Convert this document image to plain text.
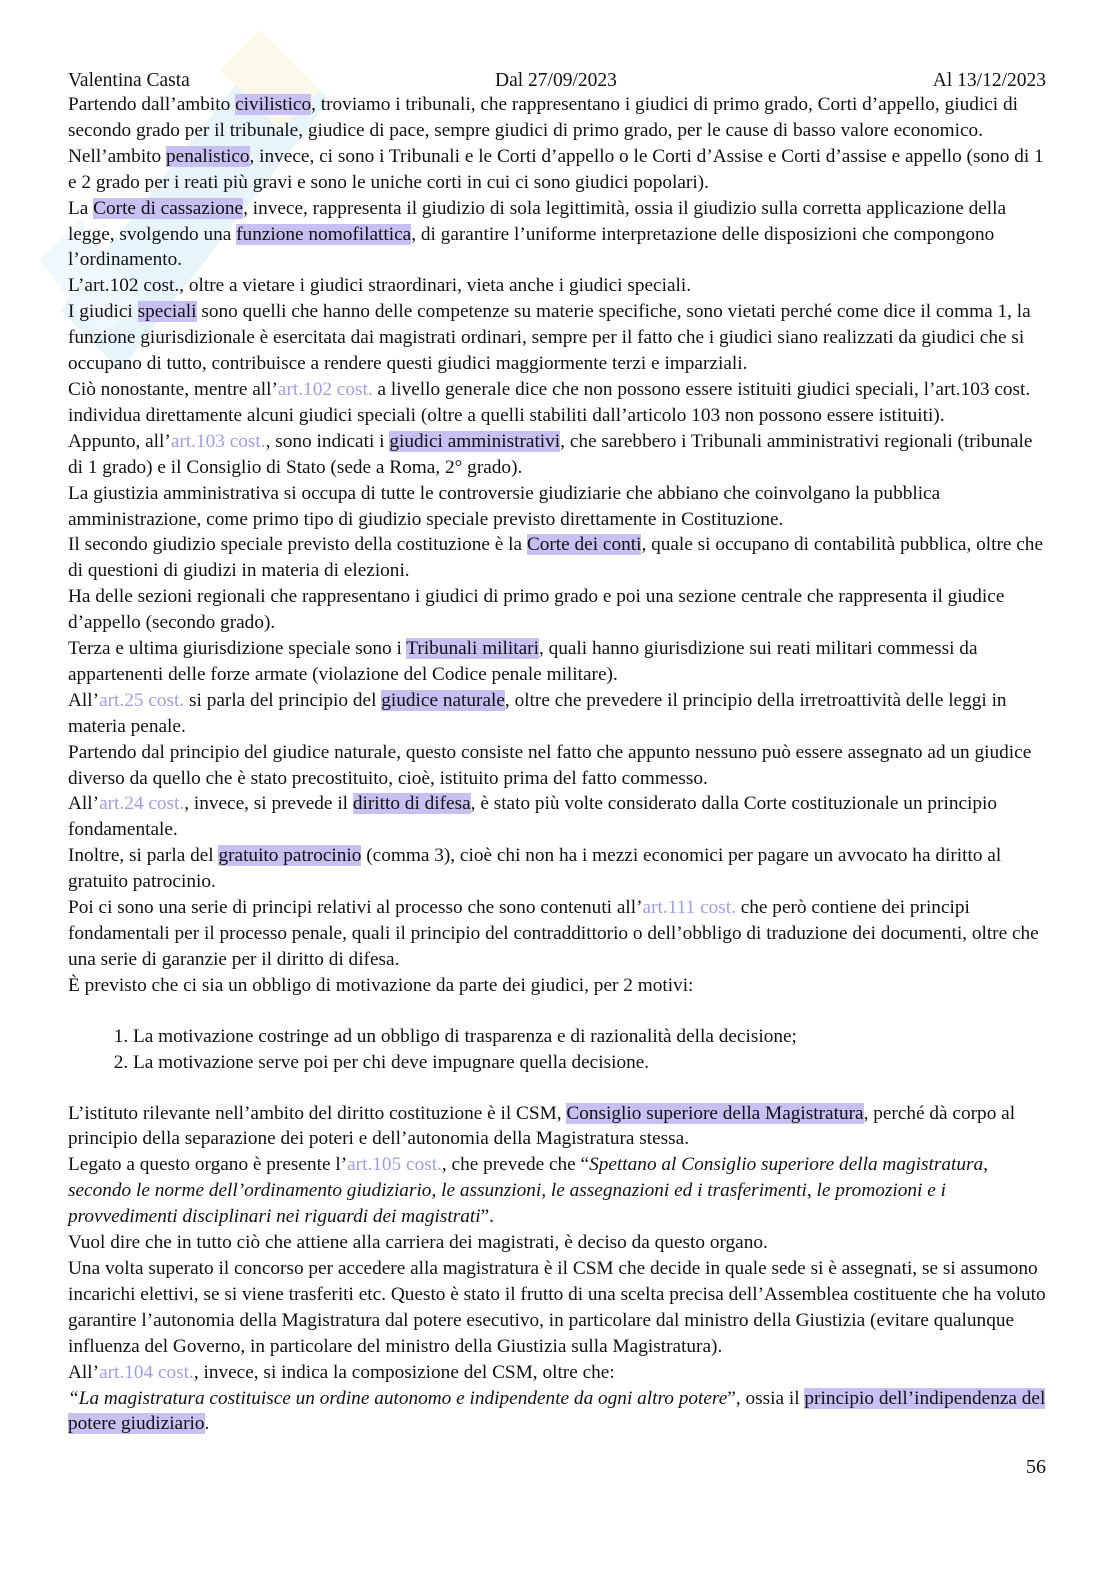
Valentina Casta	Dal 27/09/2023	Al 13/12/2023

Partendo dall’ambito civilistico, troviamo i tribunali, che rappresentano i giudici di primo grado, Corti d’appello, giudici di secondo grado per il tribunale, giudice di pace, sempre giudici di primo grado, per le cause di basso valore economico.

Nell’ambito penalistico, invece, ci sono i Tribunali e le Corti d’appello o le Corti d’Assise e Corti d’assise e appello (sono di 1 e 2 grado per i reati più gravi e sono le uniche corti in cui ci sono giudici popolari).

La Corte di cassazione, invece, rappresenta il giudizio di sola legittimità, ossia il giudizio sulla corretta applicazione della legge, svolgendo una funzione nomofilattica, di garantire l’uniforme interpretazione delle disposizioni che compongono l’ordinamento.

L’art.102 cost., oltre a vietare i giudici straordinari, vieta anche i giudici speciali.

I giudici speciali sono quelli che hanno delle competenze su materie specifiche, sono vietati perché come dice il comma 1, la funzione giurisdizionale è esercitata dai magistrati ordinari, sempre per il fatto che i giudici siano realizzati da giudici che si occupano di tutto, contribuisce a rendere questi giudici maggiormente terzi e imparziali.

Ciò nonostante, mentre all’art.102 cost. a livello generale dice che non possono essere istituiti giudici speciali, l’art.103 cost. individua direttamente alcuni giudici speciali (oltre a quelli stabiliti dall’articolo 103 non possono essere istituiti).

Appunto, all’art.103 cost., sono indicati i giudici amministrativi, che sarebbero i Tribunali amministrativi regionali (tribunale di 1 grado) e il Consiglio di Stato (sede a Roma, 2° grado).

La giustizia amministrativa si occupa di tutte le controversie giudiziarie che abbiano che coinvolgano la pubblica amministrazione, come primo tipo di giudizio speciale previsto direttamente in Costituzione.

Il secondo giudizio speciale previsto della costituzione è la Corte dei conti, quale si occupano di contabilità pubblica, oltre che di questioni di giudizi in materia di elezioni.

Ha delle sezioni regionali che rappresentano i giudici di primo grado e poi una sezione centrale che rappresenta il giudice d’appello (secondo grado).

Terza e ultima giurisdizione speciale sono i Tribunali militari, quali hanno giurisdizione sui reati militari commessi da appartenenti delle forze armate (violazione del Codice penale militare).

All’art.25 cost. si parla del principio del giudice naturale, oltre che prevedere il principio della irretroattività delle leggi in materia penale.

Partendo dal principio del giudice naturale, questo consiste nel fatto che appunto nessuno può essere assegnato ad un giudice diverso da quello che è stato precostituito, cioè, istituito prima del fatto commesso.

All’art.24 cost., invece, si prevede il diritto di difesa, è stato più volte considerato dalla Corte costituzionale un principio fondamentale.

Inoltre, si parla del gratuito patrocinio (comma 3), cioè chi non ha i mezzi economici per pagare un avvocato ha diritto al gratuito patrocinio.

Poi ci sono una serie di principi relativi al processo che sono contenuti all’art.111 cost. che però contiene dei principi fondamentali per il processo penale, quali il principio del contraddittorio o dell’obbligo di traduzione dei documenti, oltre che una serie di garanzie per il diritto di difesa.

È previsto che ci sia un obbligo di motivazione da parte dei giudici, per 2 motivi:

1. La motivazione costringe ad un obbligo di trasparenza e di razionalità della decisione;
2. La motivazione serve poi per chi deve impugnare quella decisione.

L’istituto rilevante nell’ambito del diritto costituzione è il CSM, Consiglio superiore della Magistratura, perché dà corpo al principio della separazione dei poteri e dell’autonomia della Magistratura stessa.

Legato a questo organo è presente l’art.105 cost., che prevede che “Spettano al Consiglio superiore della magistratura, secondo le norme dell’ordinamento giudiziario, le assunzioni, le assegnazioni ed i trasferimenti, le promozioni e i provvedimenti disciplinari nei riguardi dei magistrati”.

Vuol dire che in tutto ciò che attiene alla carriera dei magistrati, è deciso da questo organo.

Una volta superato il concorso per accedere alla magistratura è il CSM che decide in quale sede si è assegnati, se si assumono incarichi elettivi, se si viene trasferiti etc. Questo è stato il frutto di una scelta precisa dell’Assemblea costituente che ha voluto garantire l’autonomia della Magistratura dal potere esecutivo, in particolare dal ministro della Giustizia (evitare qualunque influenza del Governo, in particolare del ministro della Giustizia sulla Magistratura).

All’art.104 cost., invece, si indica la composizione del CSM, oltre che:

“La magistratura costituisce un ordine autonomo e indipendente da ogni altro potere”, ossia il principio dell’indipendenza del potere giudiziario.

56
